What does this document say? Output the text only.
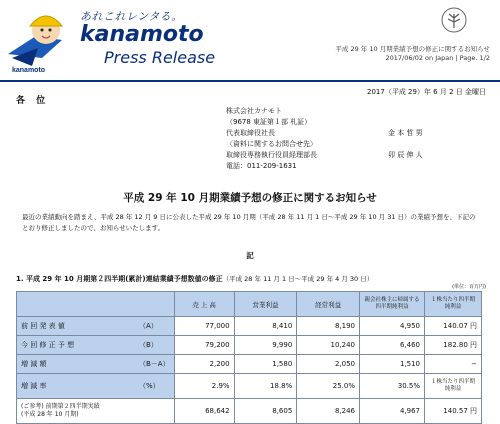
kanamoto
あれこれレンタる。
kanamoto
Press Release	平成 29 年 10 月期業績予想の修正に関するお知らせ
2017/06/02 on Japan | Page. 1/2
各 位
2017（平成 29）年 6 月 2 日 金曜日
株式会社カナモト
（9678 東証第１部 札証）
代表取締役社長	金 本 哲 男
〈資料に関するお問合せ先〉
取締役専務執行役員経理部長	卯 辰 伸 人
電話：011-209-1631
平成 29 年 10 月期業績予想の修正に関するお知らせ
最近の業績動向を踏まえ、平成 28 年 12 月 9 日に公表した平成 29 年 10 月期（平成 28 年 11 月 1 日〜平成 29 年 10 月 31 日）の業績予想を、下記のとおり修正しましたので、お知らせいたします。
記
1. 平成 29 年 10 月期第２四半期(累計)連結業績予想数値の修正（平成 28 年 11 月 1 日〜平成 29 年 4 月 30 日）
(単位：百万円)
	売 上 高	営業利益	経常利益	親会社株主に帰属する四半期純利益	１株当たり四半期純利益
前 回 発 表 値 （A）	77,000	8,410	8,190	4,950	140.07 円
今 回 修 正 予 想 （B）	79,200	9,990	10,240	6,460	182.80 円
増 減 額 （B－A）	2,200	1,580	2,050	1,510	−
増 減 率 （%）	2.9%	18.8%	25.0%	30.5%	１株当たり四半期純利益
(ご参考) 前期第２四半期実績
(平成 28 年 10 月期)	68,642	8,605	8,246	4,967	140.57 円
